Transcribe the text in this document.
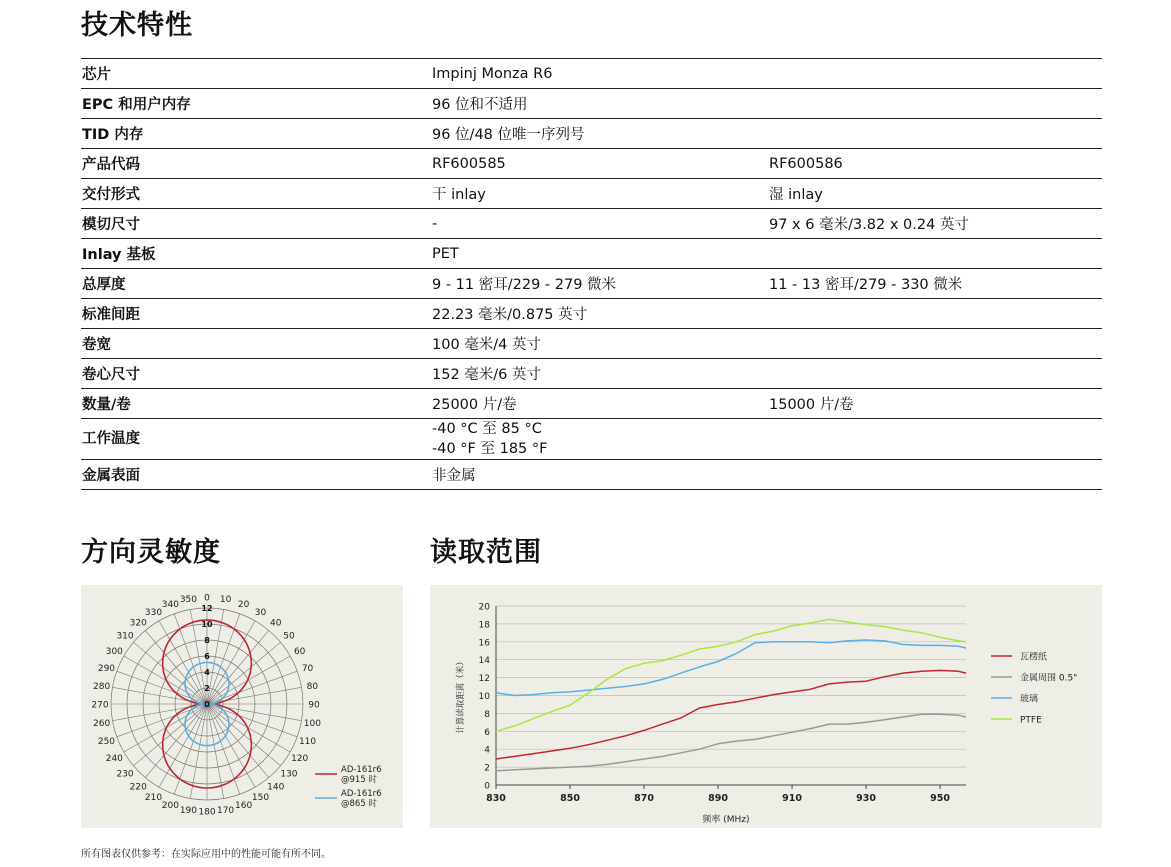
技术特性
芯片	Impinj Monza R6	
EPC 和用户内存	96 位和不适用	
TID 内存	96 位/48 位唯一序列号	
产品代码	RF600585	RF600586
交付形式	干 inlay	湿 inlay
模切尺寸	-	97 x 6 毫米/3.82 x 0.24 英寸
Inlay 基板	PET	
总厚度	9 - 11 密耳/229 - 279 微米	11 - 13 密耳/279 - 330 微米
标准间距	22.23 毫米/0.875 英寸	
卷宽	100 毫米/4 英寸	
卷心尺寸	152 毫米/6 英寸	
数量/卷	25000 片/卷	15000 片/卷
工作温度	-40 °C 至 85 °C
-40 °F 至 185 °F	

金属表面	非金属	
方向灵敏度	读取范围
0 10 20
30
40
50
60
70
80
90
100
110
120
130
140
150
160
170
180
190
200
210
220
230
240
250
260
270
280
290
300
310
320
330
340 350
0
2
4
6
8
10
12
AD-161r6
@915 时
AD-161r6
@865 时
0
2
4
6
8
10
12
14
16
18
20
830	850	870	890	910	930	950
频率 (MHz)
计算读取距离（米）	瓦楞纸
金属周围 0.5"
玻璃
PTFE
所有图表仅供参考：在实际应用中的性能可能有所不同。
